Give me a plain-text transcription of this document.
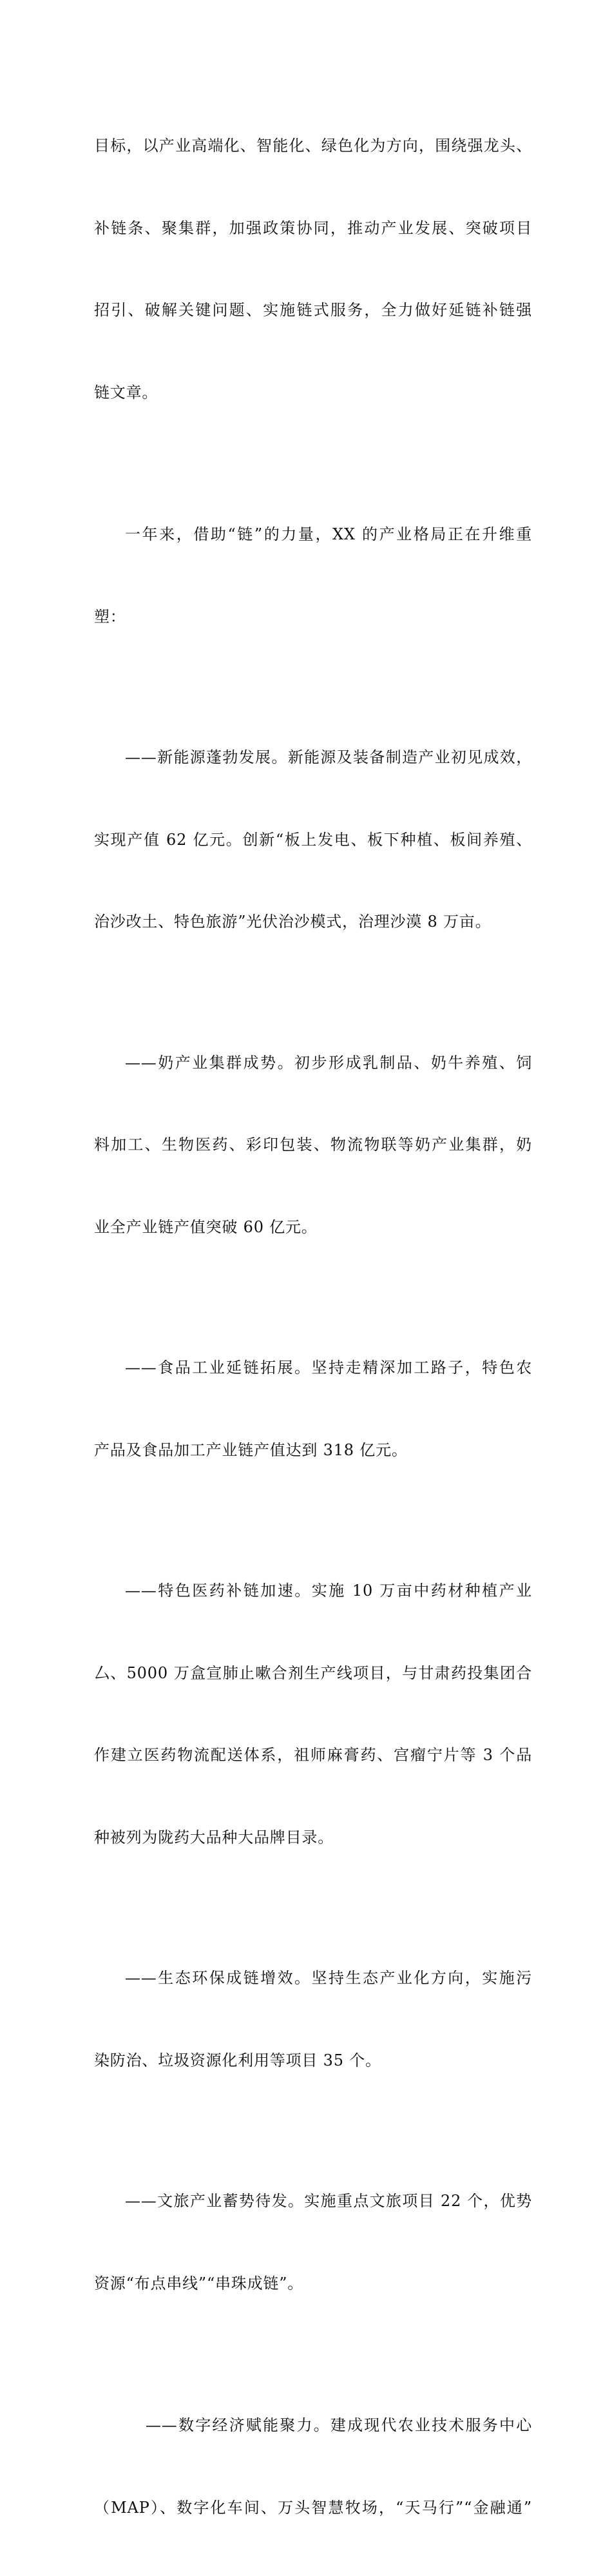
目标，以产业高端化、智能化、绿色化为方向，围绕强龙头、

补链条、聚集群，加强政策协同，推动产业发展、突破项目

招引、破解关键问题、实施链式服务，全力做好延链补链强

链文章。

一年来，借助“链”的力量，XX 的产业格局正在升维重

塑：

——新能源蓬勃发展。新能源及装备制造产业初见成效，

实现产值 62 亿元。创新“板上发电、板下种植、板间养殖、

治沙改土、特色旅游”光伏治沙模式，治理沙漠 8 万亩。

——奶产业集群成势。初步形成乳制品、奶牛养殖、饲

料加工、生物医药、彩印包装、物流物联等奶产业集群，奶

业全产业链产值突破 60 亿元。

——食品工业延链拓展。坚持走精深加工路子，特色农

产品及食品加工产业链产值达到 318 亿元。

——特色医药补链加速。实施 10 万亩中药材种植产业

⼛、5000 万盒宣肺止嗽合剂生产线项目，与甘肃药投集团合

作建立医药物流配送体系，祖师麻膏药、宫瘤宁片等 3 个品

种被列为陇药大品种大品牌目录。

——生态环保成链增效。坚持生态产业化方向，实施污

染防治、垃圾资源化利用等项目 35 个。

——文旅产业蓄势待发。实施重点文旅项目 22 个，优势

资源“布点串线”“串珠成链”。

——数字经济赋能聚力。建成现代农业技术服务中心

（MAP）、数字化车间、万头智慧牧场，“天马行”“金融通”
